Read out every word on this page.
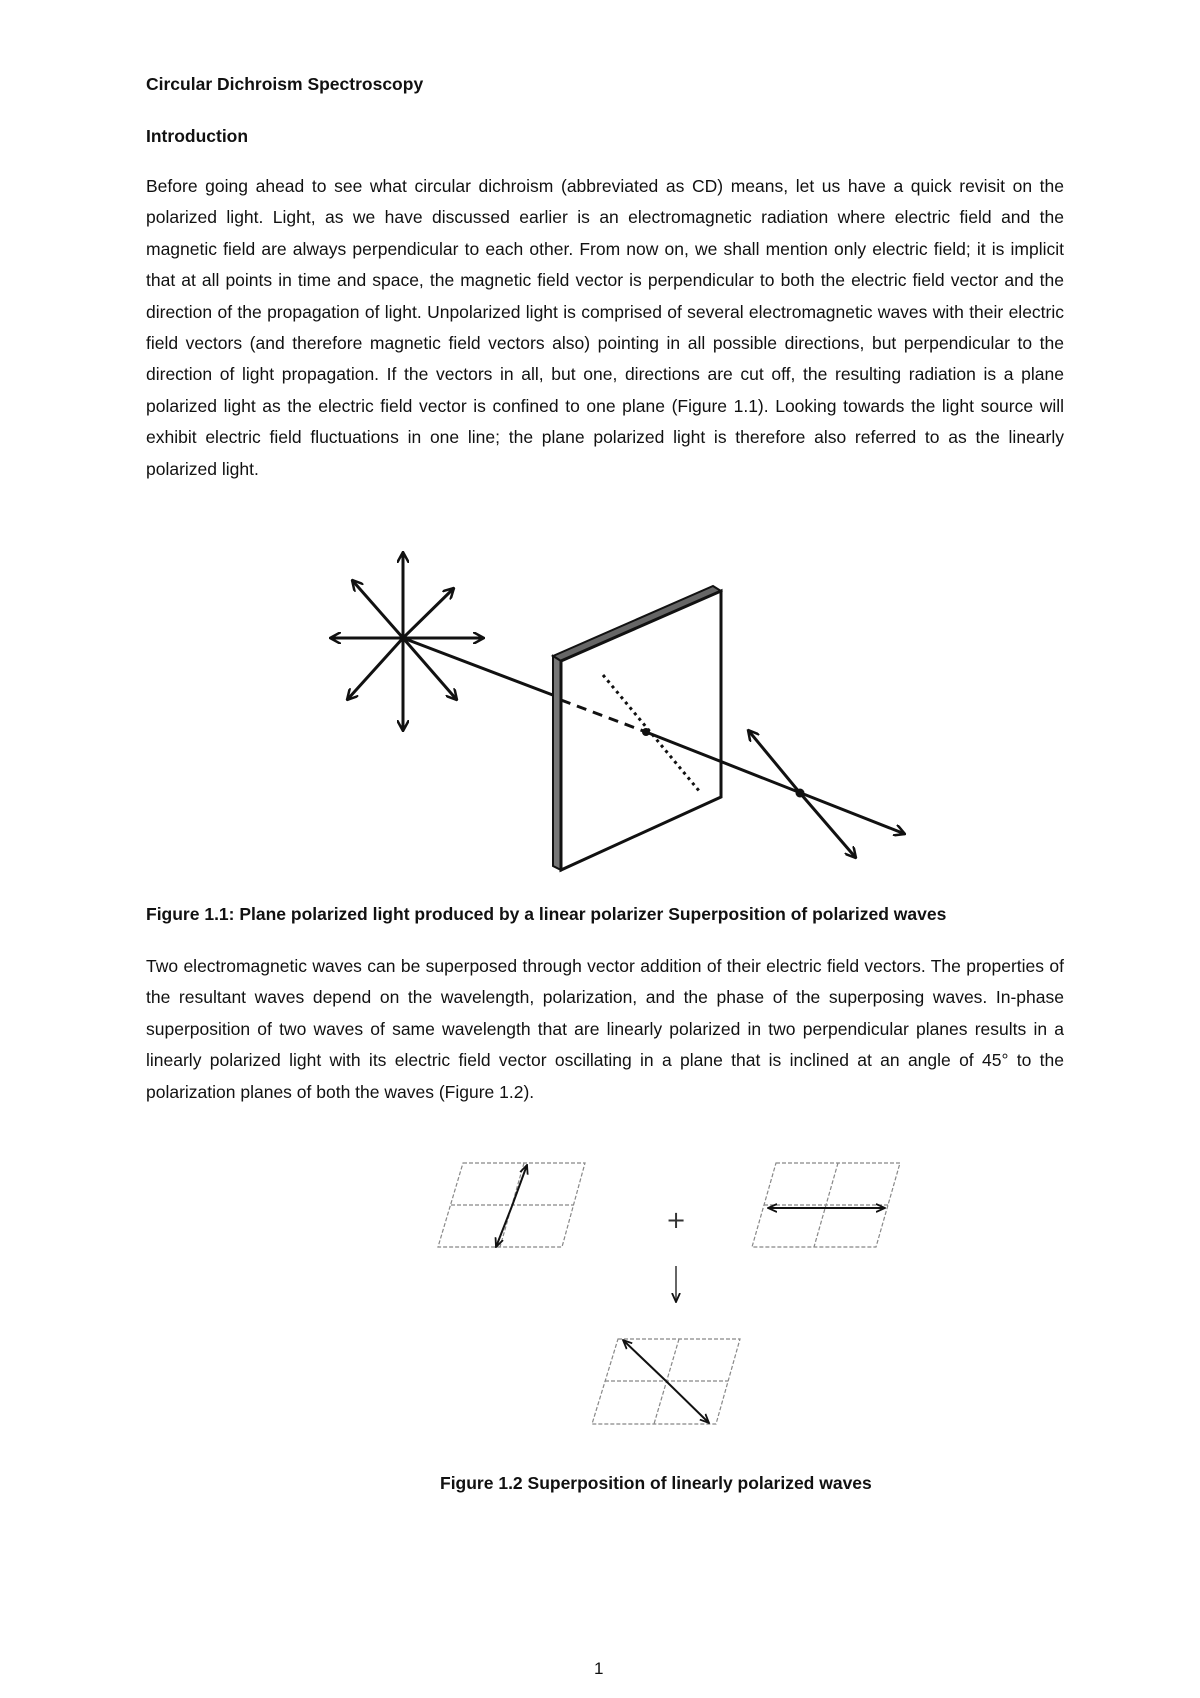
Circular Dichroism Spectroscopy
Introduction

Before going ahead to see what circular dichroism (abbreviated as CD) means, let us have a quick revisit on the polarized light. Light, as we have discussed earlier is an electromagnetic radiation where electric field and the magnetic field are always perpendicular to each other. From now on, we shall mention only electric field; it is implicit that at all points in time and space, the magnetic field vector is perpendicular to both the electric field vector and the direction of the propagation of light. Unpolarized light is comprised of several electromagnetic waves with their electric field vectors (and therefore magnetic field vectors also) pointing in all possible directions, but perpendicular to the direction of light propagation. If the vectors in all, but one, directions are cut off, the resulting radiation is a plane polarized light as the electric field vector is confined to one plane (Figure 1.1). Looking towards the light source will exhibit electric field fluctuations in one line; the plane polarized light is therefore also referred to as the linearly polarized light.

Figure 1.1: Plane polarized light produced by a linear polarizer Superposition of polarized waves

Two electromagnetic waves can be superposed through vector addition of their electric field vectors. The properties of the resultant waves depend on the wavelength, polarization, and the phase of the superposing waves. In-phase superposition of two waves of same wavelength that are linearly polarized in two perpendicular planes results in a linearly polarized light with its electric field vector oscillating in a plane that is inclined at an angle of 45° to the polarization planes of both the waves (Figure 1.2).

+
Figure 1.2 Superposition of linearly polarized waves
1
